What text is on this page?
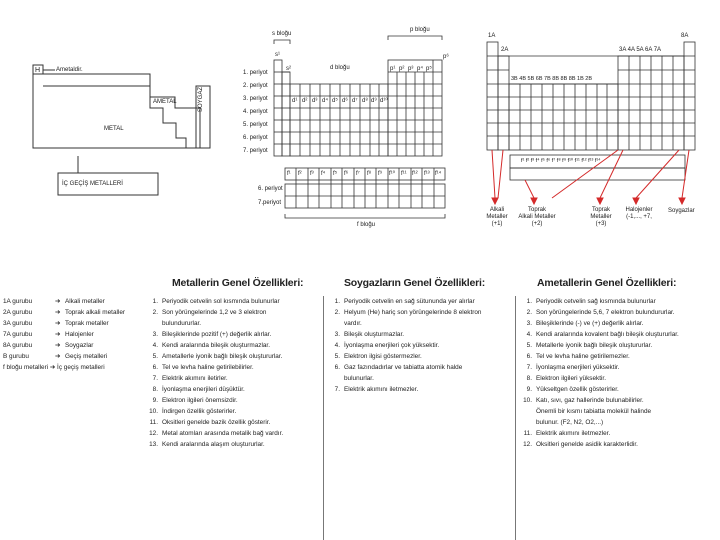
H	Ametaldir.
AMETAL	SOYGAZ
METAL
İÇ GEÇİŞ METALLERİ
s bloğu
p bloğu
d bloğu
f bloğu
s¹
s²
p⁶
1. periyot
2. periyot
3. periyot
4. periyot
5. periyot
6. periyot
7. periyot
6. periyot
7.periyot
p¹ p² p³ p⁴ p⁵
d¹ d² d³ d⁴ d⁵ d⁶ d⁷ d⁸ d⁹ d¹⁰
f¹ f² f³ f⁴ f⁵ f⁶ f⁷ f⁸ f⁹ f¹⁰ f¹¹ f¹² f¹³ f¹⁴
1A
2A
8A
3A 4A 5A 6A 7A
3B 4B 5B 6B 7B 8B 8B 8B 1B 2B
f¹ f² f³ f⁴ f⁵ f⁶ f⁷ f⁸ f⁹ f¹⁰ f¹¹ f¹² f¹³ f¹⁴
Alkali
Metaller
(+1)
Toprak
Alkali Metaller
(+2)
Toprak
Metaller
(+3)
Halojenler
(-1,..., +7,
Soygazlar
Metallerin Genel Özellikleri:	Soygazların Genel Özellikleri:	Ametallerin Genel Özellikleri:
1A gurubu	➔ Alkali metaller
2A gurubu	➔ Toprak alkali metaller
3A gurubu	➔ Toprak metaller
7A gurubu	➔ Halojenler
8A gurubu	➔ Soygazlar
B gurubu	➔ Geçiş metalleri
f bloğu metalleri ➔ İç geçiş metalleri
1. Periyodik cetvelin sol kısmında bulunurlar
2. Son yörüngelerinde 1,2 ve 3 elektron
bulundururlar.
3. Bileşiklerinde pozitif (+) değerlik alırlar.
4. Kendi aralarında bileşik oluşturmazlar.
5. Ametallerle iyonik bağlı bileşik oluştururlar.
6. Tel ve levha haline getirilebilirler.
7. Elektrik akımını iletirler.
8. İyonlaşma enerjileri düşüktür.
9. Elektron ilgileri önemsizdir.
10. İndirgen özellik gösterirler.
11. Oksitleri genelde bazik özellik gösterir.
12. Metal atomları arasında metalik bağ vardır.
13. Kendi aralarında alaşım oluştururlar.
1. Periyodik cetvelin en sağ sütununda yer alırlar
2. Helyum (He) hariç son yörüngelerinde 8 elektron
vardır.
3. Bileşik oluşturmazlar.
4. İyonlaşma enerjileri çok yüksektir.
5. Elektron ilgisi göstermezler.
6. Gaz fazındadırlar ve tabiatta atomik halde
bulunurlar.
7. Elektrik akımını iletmezler.
1. Periyodik cetvelin sağ kısmında bulunurlar
2. Son yörüngelerinde 5,6, 7 elektron bulundururlar.
3. Bileşiklerinde (-) ve (+) değerlik alırlar.
4. Kendi aralarında kovalent bağlı bileşik oluştururlar.
5. Metallerle iyonik bağlı bileşik oluştururlar.
6. Tel ve levha haline getirilemezler.
7. İyonlaşma enerjileri yüksektir.
8. Elektron ilgileri yüksektir.
9. Yükseltgen özellik gösterirler.
10. Katı, sıvı, gaz hallerinde bulunabilirler.
Önemli bir kısmı tabiatta molekül halinde
bulunur. (F2, N2, O2,...)
11. Elektrik akımını iletmezler.
12. Oksitleri genelde asidik karakterlidir.
